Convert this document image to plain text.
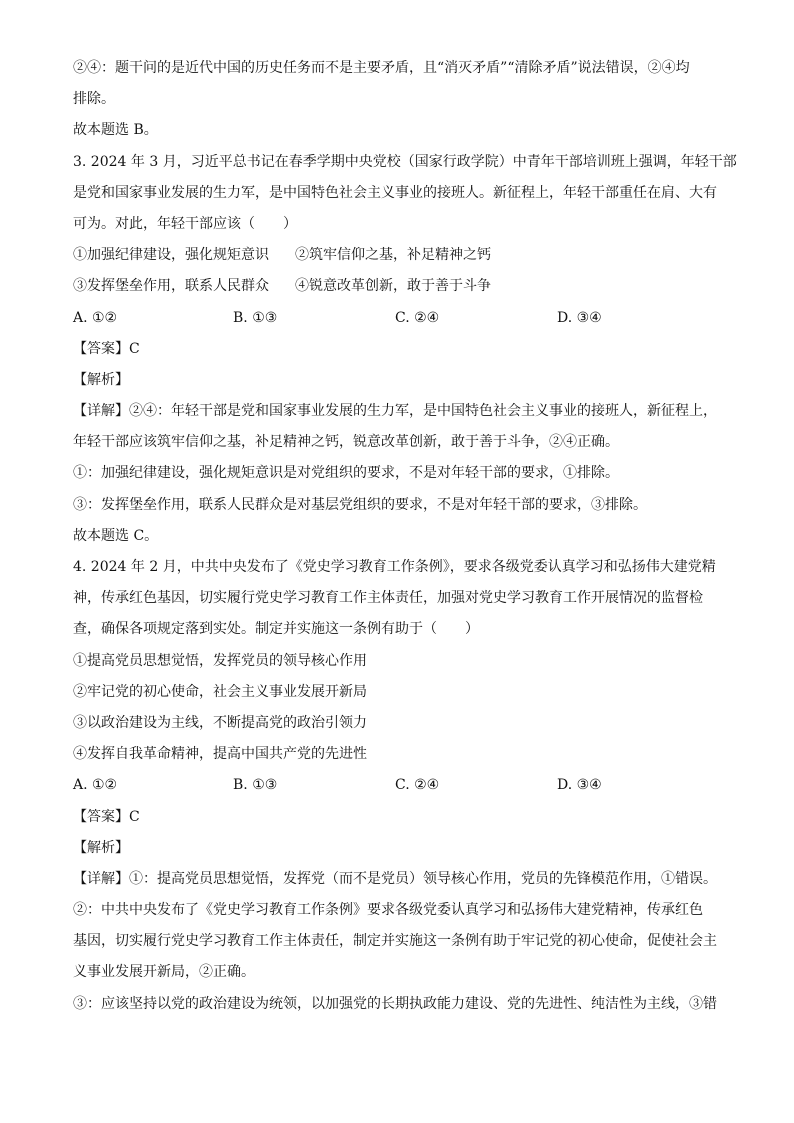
②④：题干问的是近代中国的历史任务而不是主要矛盾，且“消灭矛盾”“清除矛盾”说法错误，②④均
排除。
故本题选 B。
3. 2024 年 3 月，习近平总书记在春季学期中央党校（国家行政学院）中青年干部培训班上强调，年轻干部
是党和国家事业发展的生力军，是中国特色社会主义事业的接班人。新征程上，年轻干部重任在肩、大有
可为。对此，年轻干部应该（　　）
①加强纪律建设，强化规矩意识 ②筑牢信仰之基，补足精神之钙
③发挥堡垒作用，联系人民群众 ④锐意改革创新，敢于善于斗争
A. ①②	B. ①③	C. ②④	D. ③④
【答案】C
【解析】
【详解】②④：年轻干部是党和国家事业发展的生力军，是中国特色社会主义事业的接班人，新征程上，
年轻干部应该筑牢信仰之基，补足精神之钙，锐意改革创新，敢于善于斗争，②④正确。
①：加强纪律建设，强化规矩意识是对党组织的要求，不是对年轻干部的要求，①排除。
③：发挥堡垒作用，联系人民群众是对基层党组织的要求，不是对年轻干部的要求，③排除。
故本题选 C。
4. 2024 年 2 月，中共中央发布了《党史学习教育工作条例》，要求各级党委认真学习和弘扬伟大建党精
神，传承红色基因，切实履行党史学习教育工作主体责任，加强对党史学习教育工作开展情况的监督检
查，确保各项规定落到实处。制定并实施这一条例有助于（　　）
①提高党员思想觉悟，发挥党员的领导核心作用
②牢记党的初心使命，社会主义事业发展开新局
③以政治建设为主线，不断提高党的政治引领力
④发挥自我革命精神，提高中国共产党的先进性
A. ①②	B. ①③	C. ②④	D. ③④
【答案】C
【解析】
【详解】①：提高党员思想觉悟，发挥党（而不是党员）领导核心作用，党员的先锋模范作用，①错误。
②：中共中央发布了《党史学习教育工作条例》要求各级党委认真学习和弘扬伟大建党精神，传承红色
基因，切实履行党史学习教育工作主体责任，制定并实施这一条例有助于牢记党的初心使命，促使社会主
义事业发展开新局，②正确。
③：应该坚持以党的政治建设为统领，以加强党的长期执政能力建设、党的先进性、纯洁性为主线，③错
